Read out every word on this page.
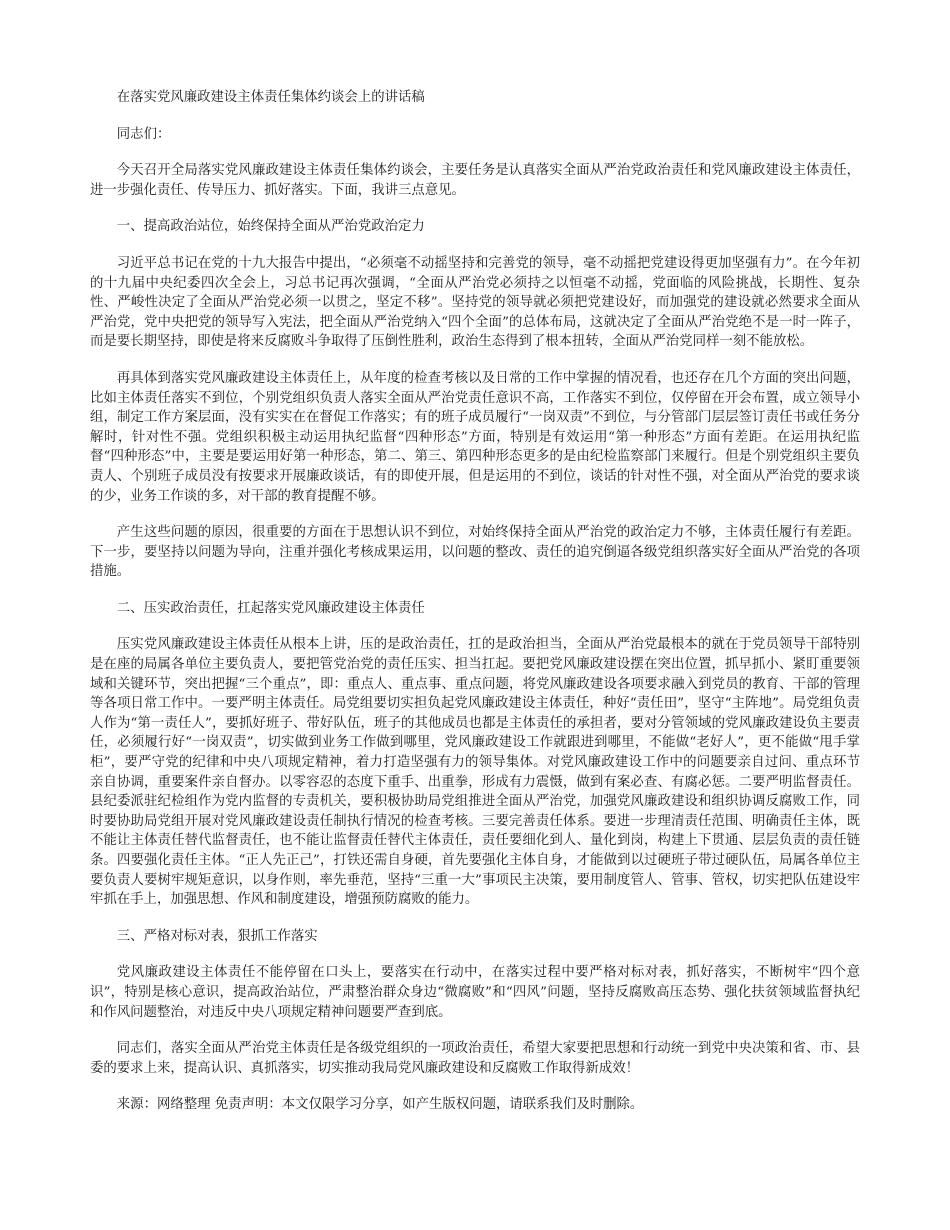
在落实党风廉政建设主体责任集体约谈会上的讲话稿

同志们：

今天召开全局落实党风廉政建设主体责任集体约谈会，主要任务是认真落实全面从严治党政治责任和党风廉政建设主体责任，进一步强化责任、传导压力、抓好落实。下面，我讲三点意见。

一、提高政治站位，始终保持全面从严治党政治定力

习近平总书记在党的十九大报告中提出，“必须毫不动摇坚持和完善党的领导，毫不动摇把党建设得更加坚强有力”。在今年初的十九届中央纪委四次全会上，习总书记再次强调，“全面从严治党必须持之以恒毫不动摇，党面临的风险挑战，长期性、复杂性、严峻性决定了全面从严治党必须一以贯之，坚定不移”。坚持党的领导就必须把党建设好，而加强党的建设就必然要求全面从严治党，党中央把党的领导写入宪法，把全面从严治党纳入“四个全面”的总体布局，这就决定了全面从严治党绝不是一时一阵子，而是要长期坚持，即使是将来反腐败斗争取得了压倒性胜利，政治生态得到了根本扭转，全面从严治党同样一刻不能放松。

再具体到落实党风廉政建设主体责任上，从年度的检查考核以及日常的工作中掌握的情况看，也还存在几个方面的突出问题，比如主体责任落实不到位，个别党组织负责人落实全面从严治党责任意识不高，工作落实不到位，仅停留在开会布置，成立领导小组，制定工作方案层面，没有实实在在督促工作落实；有的班子成员履行“一岗双责”不到位，与分管部门层层签订责任书或任务分解时，针对性不强。党组织积极主动运用执纪监督“四种形态”方面，特别是有效运用“第一种形态”方面有差距。在运用执纪监督“四种形态”中，主要是要运用好第一种形态，第二、第三、第四种形态更多的是由纪检监察部门来履行。但是个别党组织主要负责人、个别班子成员没有按要求开展廉政谈话，有的即使开展，但是运用的不到位，谈话的针对性不强，对全面从严治党的要求谈的少，业务工作谈的多，对干部的教育提醒不够。

产生这些问题的原因，很重要的方面在于思想认识不到位，对始终保持全面从严治党的政治定力不够，主体责任履行有差距。下一步，要坚持以问题为导向，注重并强化考核成果运用，以问题的整改、责任的追究倒逼各级党组织落实好全面从严治党的各项措施。

二、压实政治责任，扛起落实党风廉政建设主体责任

压实党风廉政建设主体责任从根本上讲，压的是政治责任，扛的是政治担当，全面从严治党最根本的就在于党员领导干部特别是在座的局属各单位主要负责人，要把管党治党的责任压实、担当扛起。要把党风廉政建设摆在突出位置，抓早抓小、紧盯重要领域和关键环节，突出把握“三个重点”，即：重点人、重点事、重点问题，将党风廉政建设各项要求融入到党员的教育、干部的管理等各项日常工作中。一要严明主体责任。局党组要切实担负起党风廉政建设主体责任，种好“责任田”，坚守“主阵地”。局党组负责人作为“第一责任人”，要抓好班子、带好队伍，班子的其他成员也都是主体责任的承担者，要对分管领域的党风廉政建设负主要责任，必须履行好“一岗双责”，切实做到业务工作做到哪里，党风廉政建设工作就跟进到哪里，不能做“老好人”，更不能做“甩手掌柜”，要严守党的纪律和中央八项规定精神，着力打造坚强有力的领导集体。对党风廉政建设工作中的问题要亲自过问、重点环节亲自协调，重要案件亲自督办。以零容忍的态度下重手、出重拳，形成有力震慑，做到有案必查、有腐必惩。二要严明监督责任。县纪委派驻纪检组作为党内监督的专责机关，要积极协助局党组推进全面从严治党，加强党风廉政建设和组织协调反腐败工作，同时要协助局党组开展对党风廉政建设责任制执行情况的检查考核。三要完善责任体系。要进一步理清责任范围、明确责任主体，既不能让主体责任替代监督责任，也不能让监督责任替代主体责任，责任要细化到人、量化到岗，构建上下贯通、层层负责的责任链条。四要强化责任主体。“正人先正己”，打铁还需自身硬，首先要强化主体自身，才能做到以过硬班子带过硬队伍，局属各单位主要负责人要树牢规矩意识，以身作则，率先垂范，坚持“三重一大”事项民主决策，要用制度管人、管事、管权，切实把队伍建设牢牢抓在手上，加强思想、作风和制度建设，增强预防腐败的能力。

三、严格对标对表，狠抓工作落实

党风廉政建设主体责任不能停留在口头上，要落实在行动中，在落实过程中要严格对标对表，抓好落实，不断树牢“四个意识”，特别是核心意识，提高政治站位，严肃整治群众身边“微腐败”和“四风”问题，坚持反腐败高压态势、强化扶贫领域监督执纪和作风问题整治，对违反中央八项规定精神问题要严查到底。

同志们，落实全面从严治党主体责任是各级党组织的一项政治责任，希望大家要把思想和行动统一到党中央决策和省、市、县委的要求上来，提高认识、真抓落实，切实推动我局党风廉政建设和反腐败工作取得新成效！

来源：网络整理 免责声明：本文仅限学习分享，如产生版权问题，请联系我们及时删除。
